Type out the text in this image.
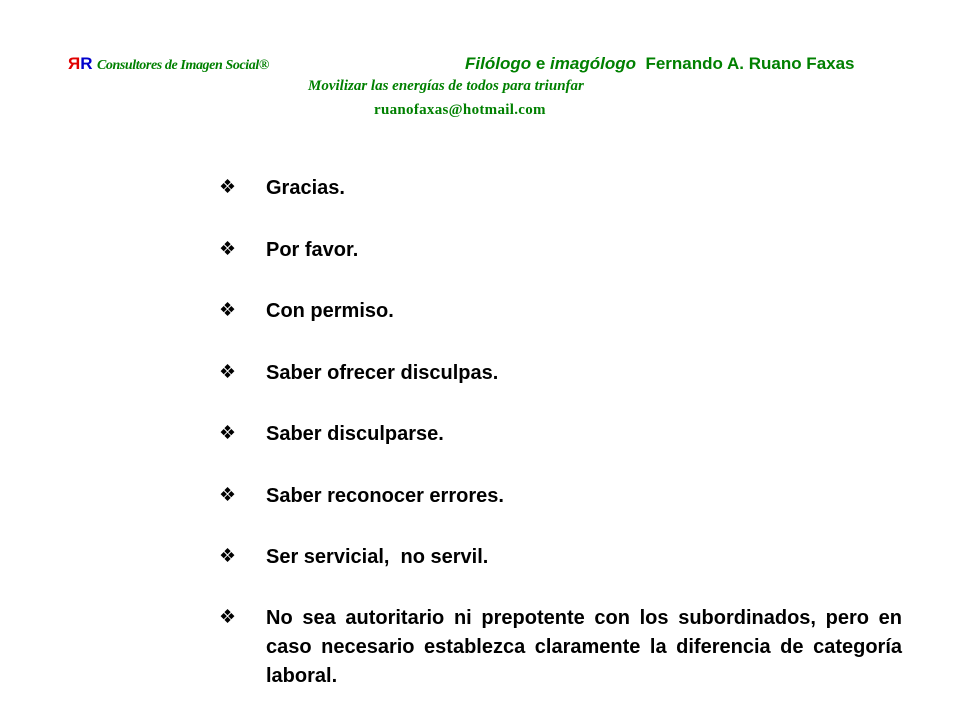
ЯR Consultores de Imagen Social®	Filólogo e imagólogo Fernando A. Ruano Faxas
Movilizar las energías de todos para triunfar
ruanofaxas@hotmail.com
❖	Gracias.
❖	Por favor.
❖	Con permiso.
❖	Saber ofrecer disculpas.
❖	Saber disculparse.
❖	Saber reconocer errores.
❖	Ser servicial,  no servil.
❖	No sea autoritario ni prepotente con los subordinados, pero en caso necesario establezca claramente la diferencia de categoría laboral.
